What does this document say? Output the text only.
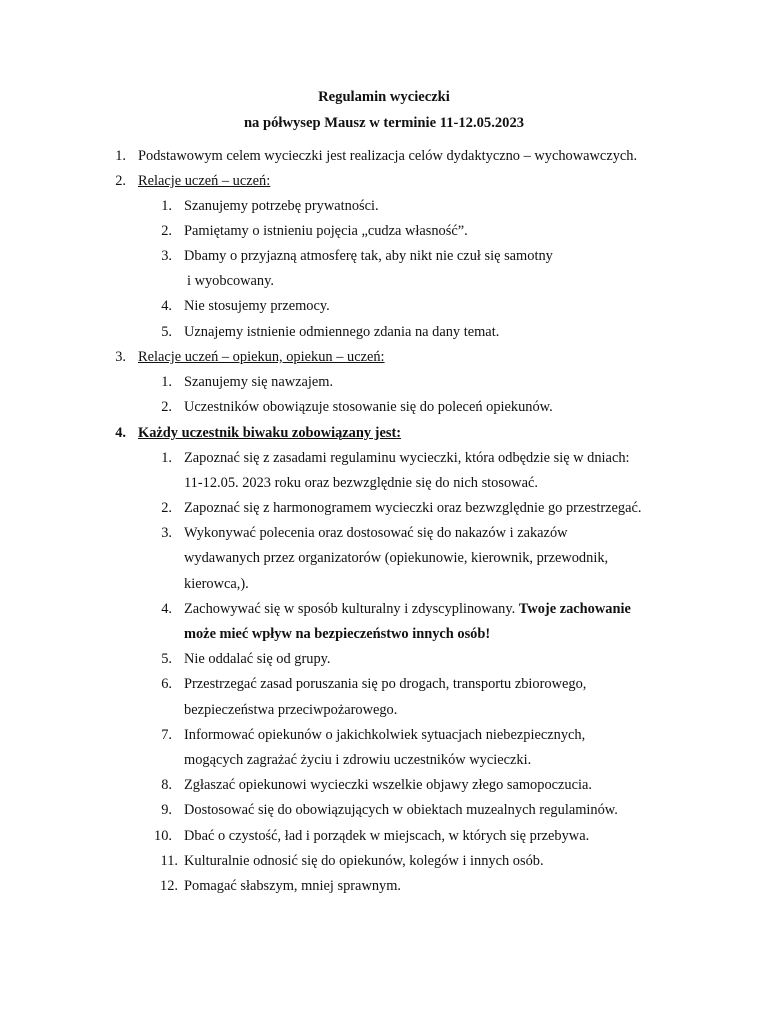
Regulamin wycieczki
na półwysep Mausz w terminie 11-12.05.2023
1. Podstawowym celem wycieczki jest realizacja celów dydaktyczno – wychowawczych.
2. Relacje uczeń – uczeń:
1. Szanujemy potrzebę prywatności.
2. Pamiętamy o istnieniu pojęcia „cudza własność”.
3. Dbamy o przyjazną atmosferę tak, aby nikt nie czuł się samotny
i wyobcowany.
4. Nie stosujemy przemocy.
5. Uznajemy istnienie odmiennego zdania na dany temat.
3. Relacje uczeń – opiekun, opiekun – uczeń:
1. Szanujemy się nawzajem.
2. Uczestników obowiązuje stosowanie się do poleceń opiekunów.
4. Każdy uczestnik biwaku zobowiązany jest:
1. Zapoznać się z zasadami regulaminu wycieczki, która odbędzie się w dniach:
11-12.05. 2023 roku oraz bezwzględnie się do nich stosować.
2. Zapoznać się z harmonogramem wycieczki oraz bezwzględnie go przestrzegać.
3. Wykonywać polecenia oraz dostosować się do nakazów i zakazów
wydawanych przez organizatorów (opiekunowie, kierownik, przewodnik,
kierowca,).
4. Zachowywać się w sposób kulturalny i zdyscyplinowany. Twoje zachowanie
może mieć wpływ na bezpieczeństwo innych osób!
5. Nie oddalać się od grupy.
6. Przestrzegać zasad poruszania się po drogach, transportu zbiorowego,
bezpieczeństwa przeciwpożarowego.
7. Informować opiekunów o jakichkolwiek sytuacjach niebezpiecznych,
mogących zagrażać życiu i zdrowiu uczestników wycieczki.
8. Zgłaszać opiekunowi wycieczki wszelkie objawy złego samopoczucia.
9. Dostosować się do obowiązujących w obiektach muzealnych regulaminów.
10. Dbać o czystość, ład i porządek w miejscach, w których się przebywa.
11. Kulturalnie odnosić się do opiekunów, kolegów i innych osób.
12. Pomagać słabszym, mniej sprawnym.
